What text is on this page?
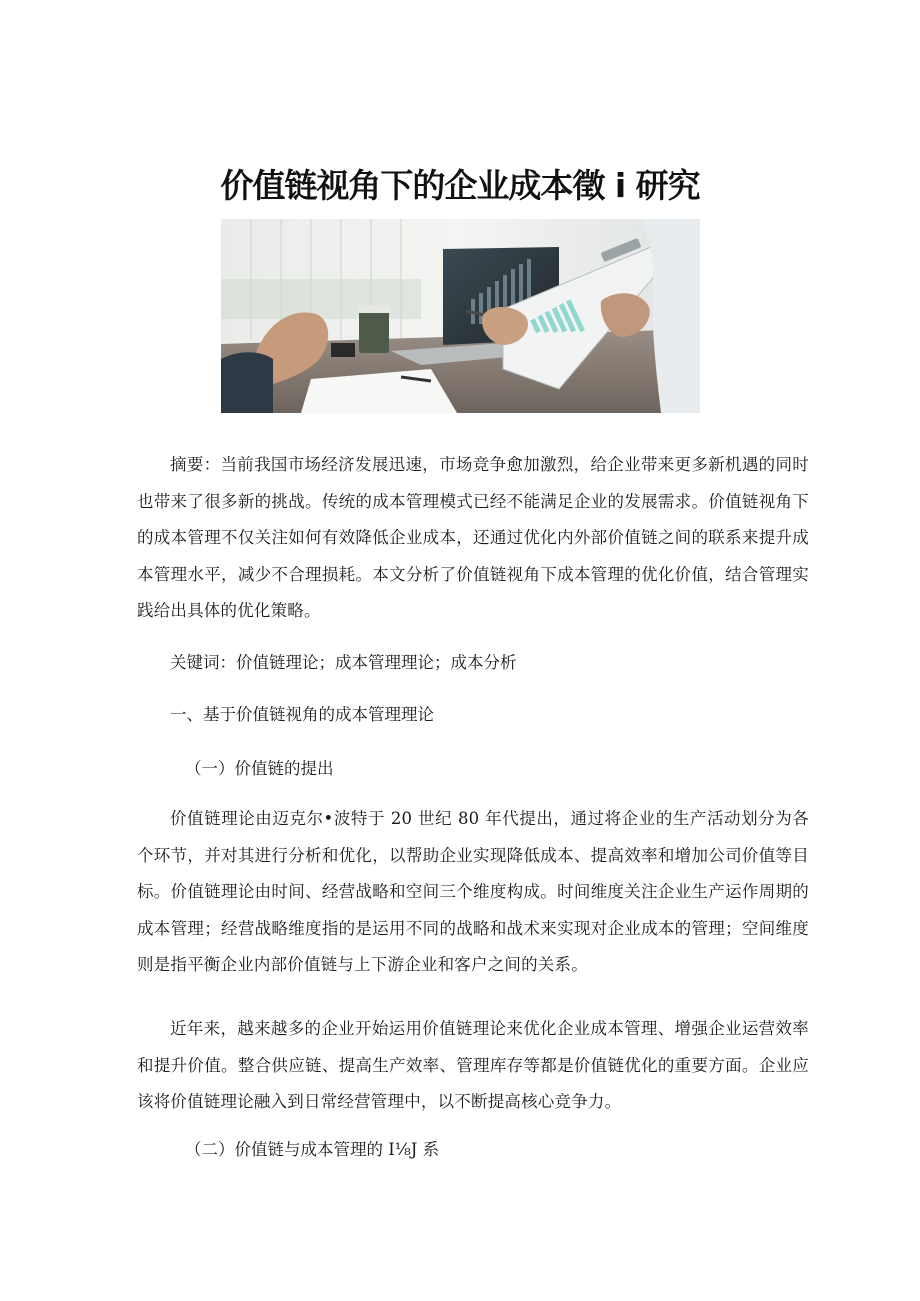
价值链视角下的企业成本徵 i 研究

摘要：当前我国市场经济发展迅速，市场竞争愈加激烈，给企业带来更多新机遇的同时也带来了很多新的挑战。传统的成本管理模式已经不能满足企业的发展需求。价值链视角下的成本管理不仅关注如何有效降低企业成本，还通过优化内外部价值链之间的联系来提升成本管理水平，减少不合理损耗。本文分析了价值链视角下成本管理的优化价值，结合管理实践给出具体的优化策略。

关键词：价值链理论；成本管理理论；成本分析

一、基于价值链视角的成本管理理论

（一）价值链的提出

价值链理论由迈克尔•波特于 20 世纪 80 年代提出，通过将企业的生产活动划分为各个环节，并对其进行分析和优化，以帮助企业实现降低成本、提高效率和增加公司价值等目标。价值链理论由时间、经营战略和空间三个维度构成。时间维度关注企业生产运作周期的成本管理；经营战略维度指的是运用不同的战略和战术来实现对企业成本的管理；空间维度则是指平衡企业内部价值链与上下游企业和客户之间的关系。

近年来，越来越多的企业开始运用价值链理论来优化企业成本管理、增强企业运营效率和提升价值。整合供应链、提高生产效率、管理库存等都是价值链优化的重要方面。企业应该将价值链理论融入到日常经营管理中，以不断提高核心竞争力。

（二）价值链与成本管理的 I⅛J 系
